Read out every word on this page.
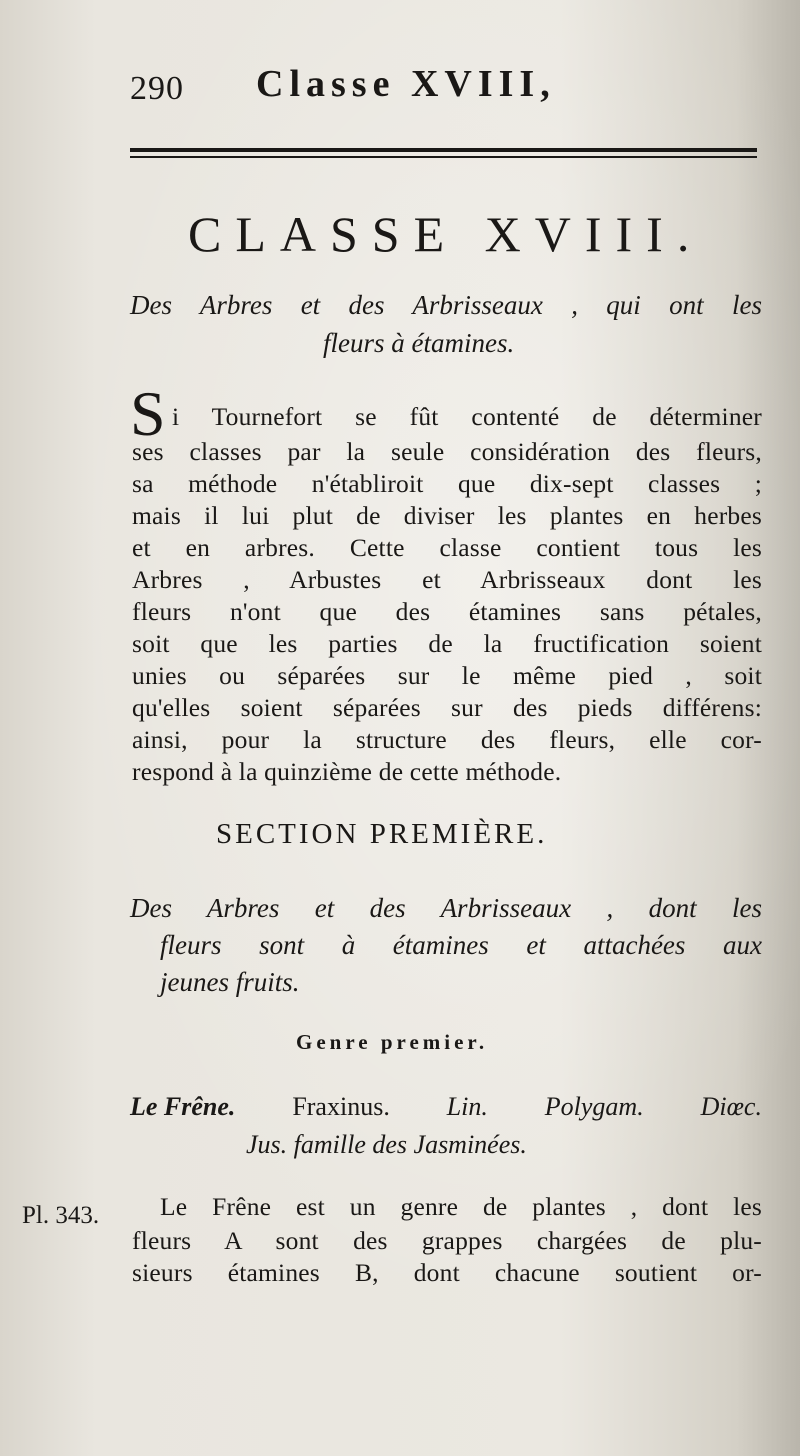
290 Classe XVIII,
CLASSE XVIII.
Des Arbres et des Arbrisseaux , qui ont les
fleurs à étamines.
S i Tournefort se fût contenté de déterminer
ses classes par la seule considération des fleurs,
sa méthode n'établiroit que dix-sept classes ;
mais il lui plut de diviser les plantes en herbes
et en arbres. Cette classe contient tous les
Arbres , Arbustes et Arbrisseaux dont les
fleurs n'ont que des étamines sans pétales,
soit que les parties de la fructification soient
unies ou séparées sur le même pied , soit
qu'elles soient séparées sur des pieds différens:
ainsi, pour la structure des fleurs, elle cor-
respond à la quinzième de cette méthode.
SECTION PREMIÈRE.
Des Arbres et des Arbrisseaux , dont les
fleurs sont à étamines et attachées aux
jeunes fruits.
Genre premier.
Le Frêne. Fraxinus. Lin. Polygam. Diœc.
Jus. famille des Jasminées.
Pl. 343. Le Frêne est un genre de plantes , dont les
fleurs A sont des grappes chargées de plu-
sieurs étamines B, dont chacune soutient or-
